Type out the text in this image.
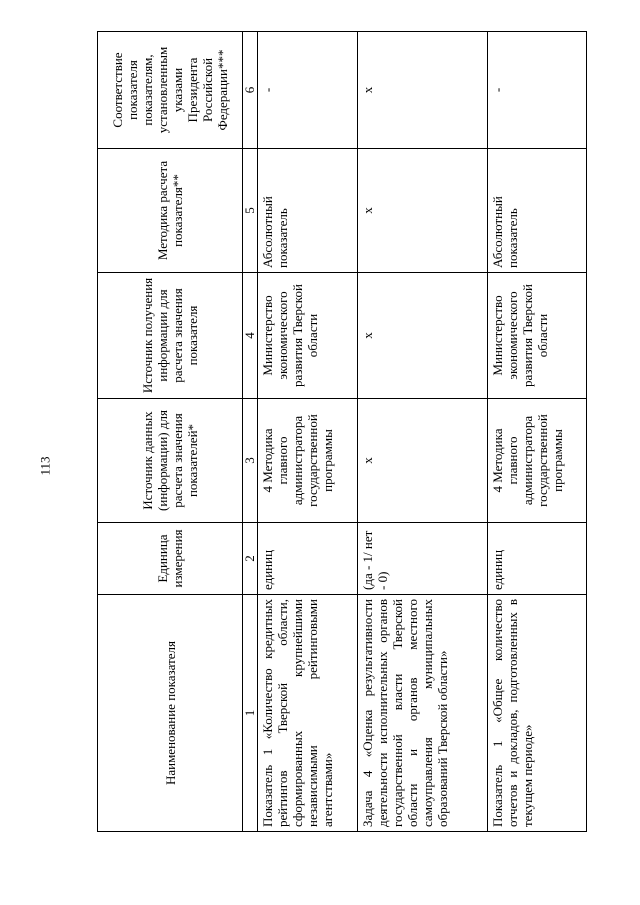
113
Наименование показателя	Единица измерения	Источник данных (информации) для расчета значения показателей*	Источник получения информации для расчета значения показателя	Методика расчета показателя**	Соответствие показателя показателям, установленным указами Президента Российской Федерации***
1	2	3	4	5	6
Показатель 1 «Количество кредитных рейтингов Тверской области, сформированных крупнейшими независимыми рейтинговыми агентствами»	единиц	4 Методика главного администратора государственной программы	Министерство экономического развития Тверской области	Абсолютный показатель	-
Задача 4 «Оценка результативности деятельности исполнительных органов государственной власти Тверской области и органов местного самоуправления муниципальных образований Тверской области»	(да - 1/ нет - 0)	x	x	x	x
Показатель 1 «Общее количество отчетов и докладов, подготовленных в текущем периоде»	единиц	4 Методика главного администратора государственной программы	Министерство экономического развития Тверской области	Абсолютный показатель	-
